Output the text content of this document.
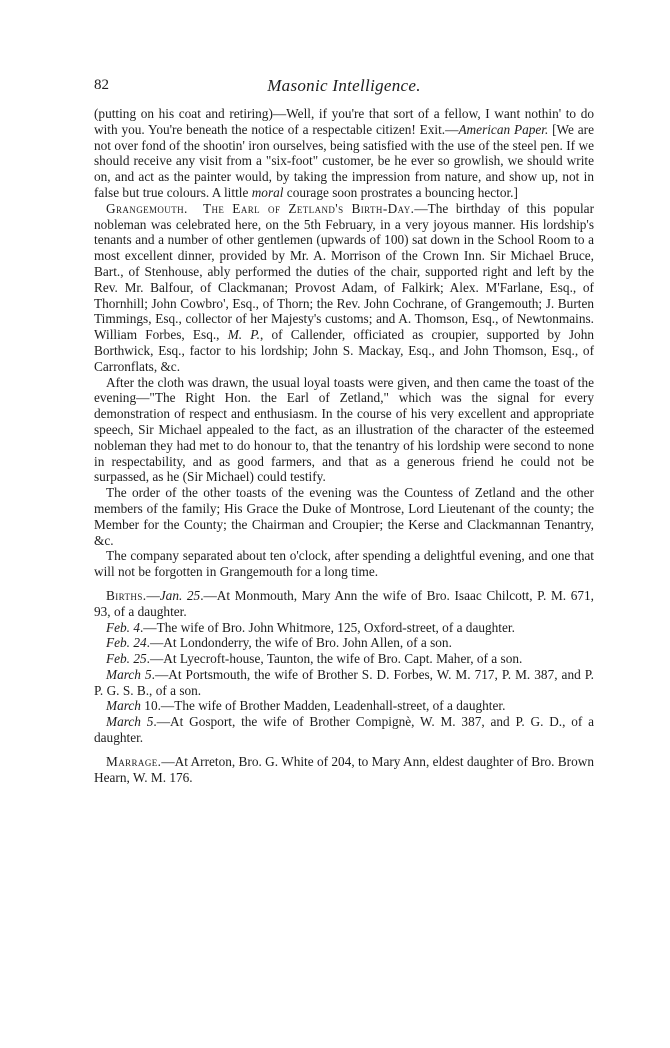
82	Masonic Intelligence.

(putting on his coat and retiring)—Well, if you're that sort of a fellow, I want nothin' to do with you. You're beneath the notice of a respectable citizen! Exit.—American Paper. [We are not over fond of the shootin' iron ourselves, being satisfied with the use of the steel pen. If we should receive any visit from a "six-foot" customer, be he ever so growlish, we should write on, and act as the painter would, by taking the impression from nature, and show up, not in false but true colours. A little moral courage soon prostrates a bouncing hector.]

Grangemouth. The Earl of Zetland's Birth-Day.—The birthday of this popular nobleman was celebrated here, on the 5th February, in a very joyous manner. His lordship's tenants and a number of other gentlemen (upwards of 100) sat down in the School Room to a most excellent dinner, provided by Mr. A. Morrison of the Crown Inn. Sir Michael Bruce, Bart., of Stenhouse, ably performed the duties of the chair, supported right and left by the Rev. Mr. Balfour, of Clackmanan; Provost Adam, of Falkirk; Alex. M'Farlane, Esq., of Thornhill; John Cowbro', Esq., of Thorn; the Rev. John Cochrane, of Grangemouth; J. Burten Timmings, Esq., collector of her Majesty's customs; and A. Thomson, Esq., of Newtonmains. William Forbes, Esq., M. P., of Callender, officiated as croupier, supported by John Borthwick, Esq., factor to his lordship; John S. Mackay, Esq., and John Thomson, Esq., of Carronflats, &c.

After the cloth was drawn, the usual loyal toasts were given, and then came the toast of the evening—"The Right Hon. the Earl of Zetland," which was the signal for every demonstration of respect and enthusiasm. In the course of his very excellent and appropriate speech, Sir Michael appealed to the fact, as an illustration of the character of the esteemed nobleman they had met to do honour to, that the tenantry of his lordship were second to none in respectability, and as good farmers, and that as a generous friend he could not be surpassed, as he (Sir Michael) could testify.

The order of the other toasts of the evening was the Countess of Zetland and the other members of the family; His Grace the Duke of Montrose, Lord Lieutenant of the county; the Member for the County; the Chairman and Croupier; the Kerse and Clackmannan Tenantry, &c.

The company separated about ten o'clock, after spending a delightful evening, and one that will not be forgotten in Grangemouth for a long time.

Births.—Jan. 25.—At Monmouth, Mary Ann the wife of Bro. Isaac Chilcott, P. M. 671, 93, of a daughter.

Feb. 4.—The wife of Bro. John Whitmore, 125, Oxford-street, of a daughter.

Feb. 24.—At Londonderry, the wife of Bro. John Allen, of a son.

Feb. 25.—At Lyecroft-house, Taunton, the wife of Bro. Capt. Maher, of a son.

March 5.—At Portsmouth, the wife of Brother S. D. Forbes, W. M. 717, P. M. 387, and P. P. G. S. B., of a son.

March 10.—The wife of Brother Madden, Leadenhall-street, of a daughter.

March 5.—At Gosport, the wife of Brother Compignè, W. M. 387, and P. G. D., of a daughter.

Marrage.—At Arreton, Bro. G. White of 204, to Mary Ann, eldest daughter of Bro. Brown Hearn, W. M. 176.
